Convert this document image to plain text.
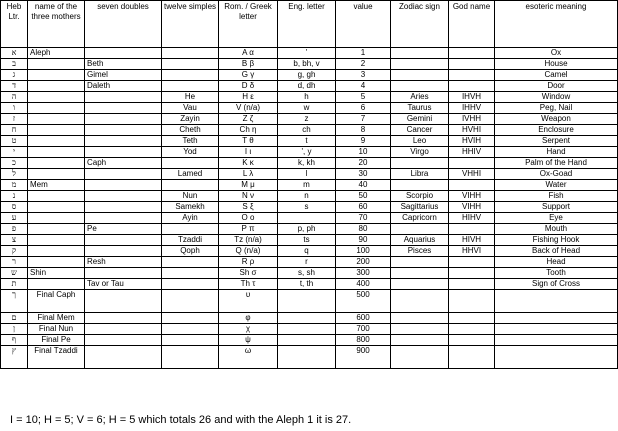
Heb Ltr.	name of the three mothers	seven doubles	twelve simples	Rom. / Greek letter	Eng. letter	value	Zodiac sign	God name	esoteric meaning
א	Aleph			A α	'	1			Ox
ב		Beth		B β	b, bh, v	2			House
ג		Gimel		G γ	g, gh	3			Camel
ד		Daleth		D δ	d, dh	4			Door
ה			He	H ε	h	5	Aries	IHVH	Window
ו			Vau	V (n/a)	w	6	Taurus	IHHV	Peg, Nail
ז			Zayin	Z ζ	z	7	Gemini	IVHH	Weapon
ח			Cheth	Ch η	ch	8	Cancer	HVHI	Enclosure
ט			Teth	T θ	t	9	Leo	HVIH	Serpent
י			Yod	I ι	', y	10	Virgo	HHIV	Hand
כ		Caph		K κ	k, kh	20			Palm of the Hand
ל			Lamed	L λ	l	30	Libra	VHHI	Ox-Goad
מ	Mem			M μ	m	40			Water
נ			Nun	N ν	n	50	Scorpio	VIHH	Fish
ס			Samekh	S ξ	s	60	Sagittarius	VIHH	Support
ע			Ayin	O ο		70	Capricorn	HIHV	Eye
פ		Pe		P π	p, ph	80			Mouth
צ			Tzaddi	Tz (n/a)	ts	90	Aquarius	HIVH	Fishing Hook
ק			Qoph	Q (n/a)	q	100	Pisces	HHVI	Back of Head
ר		Resh		R ρ	r	200			Head
ש	Shin			Sh σ	s, sh	300			Tooth
ת		Tav or Tau		Th τ	t, th	400			Sign of Cross
ך	Final Caph			υ		500			
ם	Final Mem			φ		600			
ן	Final Nun			χ		700			
ף	Final Pe			ψ		800			
ץ	Final Tzaddi			ω		900			
I = 10; H = 5; V = 6; H = 5 which totals 26 and with the Aleph 1 it is 27.
